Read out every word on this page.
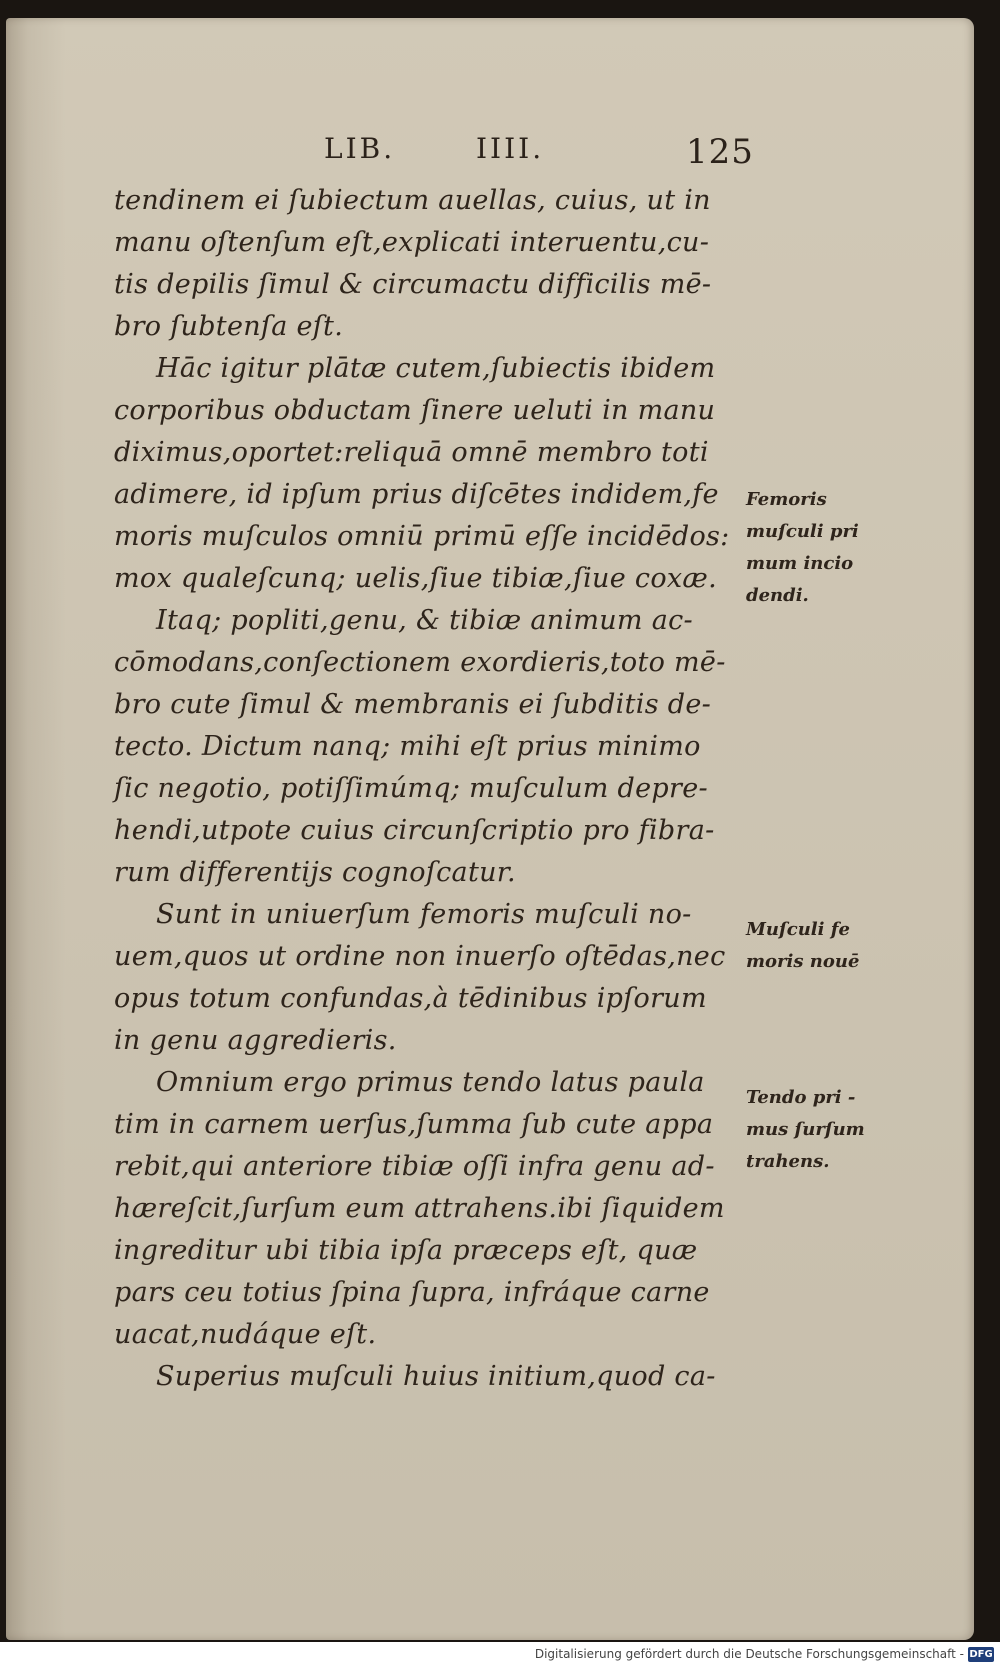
LIB.	IIII.	125
tendinem ei ſubiectum auellas, cuius, ut in
manu oſtenſum eſt,explicati interuentu,cu-
tis depilis ſimul & circumactu difficilis mē-
bro ſubtenſa eſt.
Hāc igitur plātæ cutem,ſubiectis ibidem
corporibus obductam ſinere ueluti in manu
diximus,oportet:reliquā omnē membro toti
adimere, id ipſum prius diſcētes indidem,fe
moris muſculos omniū primū eſſe incidēdos:
mox qualeſcunq; uelis,ſiue tibiæ,ſiue coxæ.
Itaq; popliti,genu, & tibiæ animum ac-
cōmodans,conſectionem exordieris,toto mē-
bro cute ſimul & membranis ei ſubditis de-
tecto. Dictum nanq; mihi eſt prius minimo
ſic negotio, potiſſimúmq; muſculum depre-
hendi,utpote cuius circunſcriptio pro fibra-
rum differentijs cognoſcatur.
Sunt in uniuerſum femoris muſculi no-
uem,quos ut ordine non inuerſo oſtēdas,nec
opus totum confundas,à tēdinibus ipſorum
in genu aggredieris.
Omnium ergo primus tendo latus paula
tim in carnem uerſus,ſumma ſub cute appa
rebit,qui anteriore tibiæ oſſi infra genu ad-
hæreſcit,ſurſum eum attrahens.ibi ſiquidem
ingreditur ubi tibia ipſa præceps eſt, quæ
pars ceu totius ſpina ſupra, infráque carne
uacat,nudáque eſt.
Superius muſculi huius initium,quod ca-
Femoris
muſculi pri
mum incio
dendi.
Muſculi fe
moris nouē
Tendo pri -
mus ſurſum
trahens.
Digitalisierung gefördert durch die Deutsche Forschungsgemeinschaft - DFG
